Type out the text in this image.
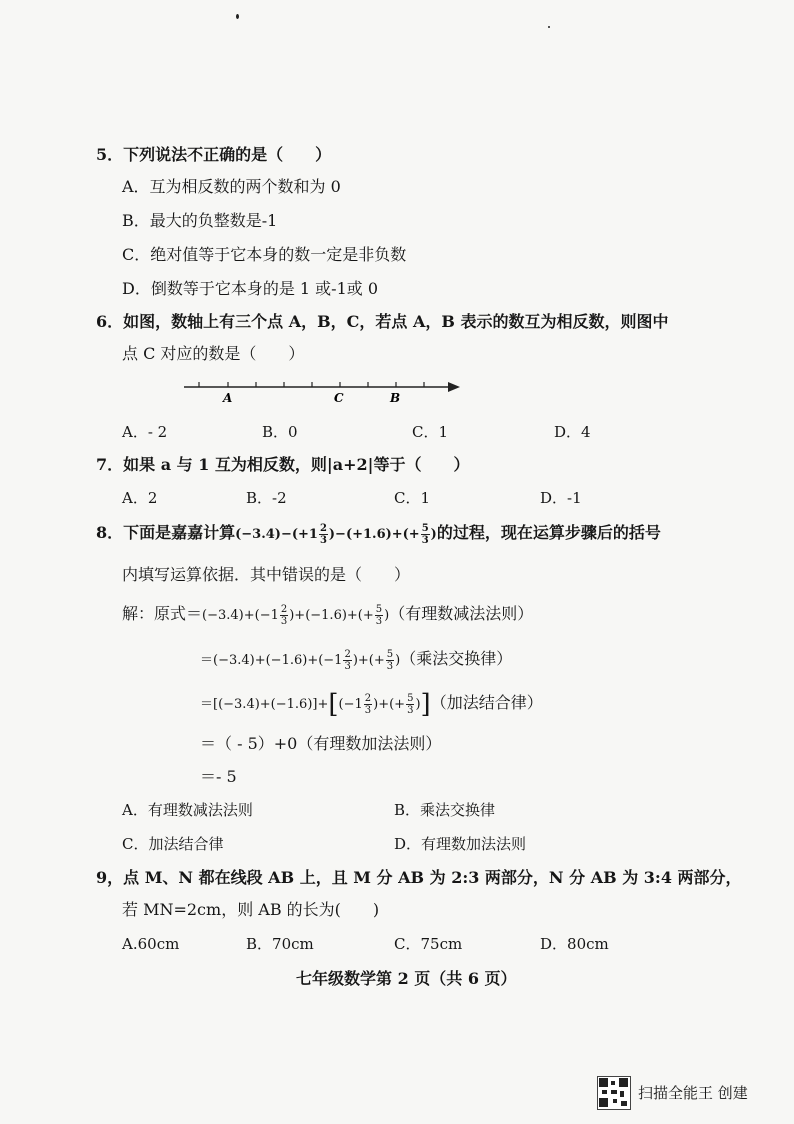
5．下列说法不正确的是（　　）
A．互为相反数的两个数和为 0
B．最大的负整数是-1
C．绝对值等于它本身的数一定是非负数
D．倒数等于它本身的是 1 或-1或 0
6．如图，数轴上有三个点 A，B，C，若点 A，B 表示的数互为相反数，则图中
点 C 对应的数是（　　）
A	C	B
A．- 2	B．0	C．1	D．4
7．如果 a 与 1 互为相反数，则|a+2|等于（　　）
A．2	B．-2	C．1	D．-1
8．下面是嘉嘉计算$(-3.4)-(+1 \frac{2}{3} )-(+1.6)+(+ \frac{5}{3}$ )的过程，现在运算步骤后的括号
内填写运算依据．其中错误的是（　　）
解：原式$=(-3.4)+(-1 \frac{2}{3} )+(-1.6)+(+ \frac{5}{3}$ )（有理数减法法则）
$=(-3.4)+(-1.6)+(-1 \frac{2}{3}$ )+(+ $\frac{5}{3}$ )（乘法交换律）
$=[(-3.4)+(-1.6)]+[(-1 \frac{2}{3}$ )+(+ $\frac{5}{3}$ )]（加法结合律）
＝（ - 5）+0（有理数加法法则）
＝- 5
A．有理数减法法则	B．乘法交换律
C．加法结合律	D．有理数加法法则
9，点 M、N 都在线段 AB 上，且 M 分 AB 为 2:3 两部分，N 分 AB 为 3:4 两部分，
若 MN=2cm，则 AB 的长为(　　)
A.60cm	B．70cm	C．75cm	D．80cm
七年级数学第 2 页（共 6 页）
扫描全能王 创建
